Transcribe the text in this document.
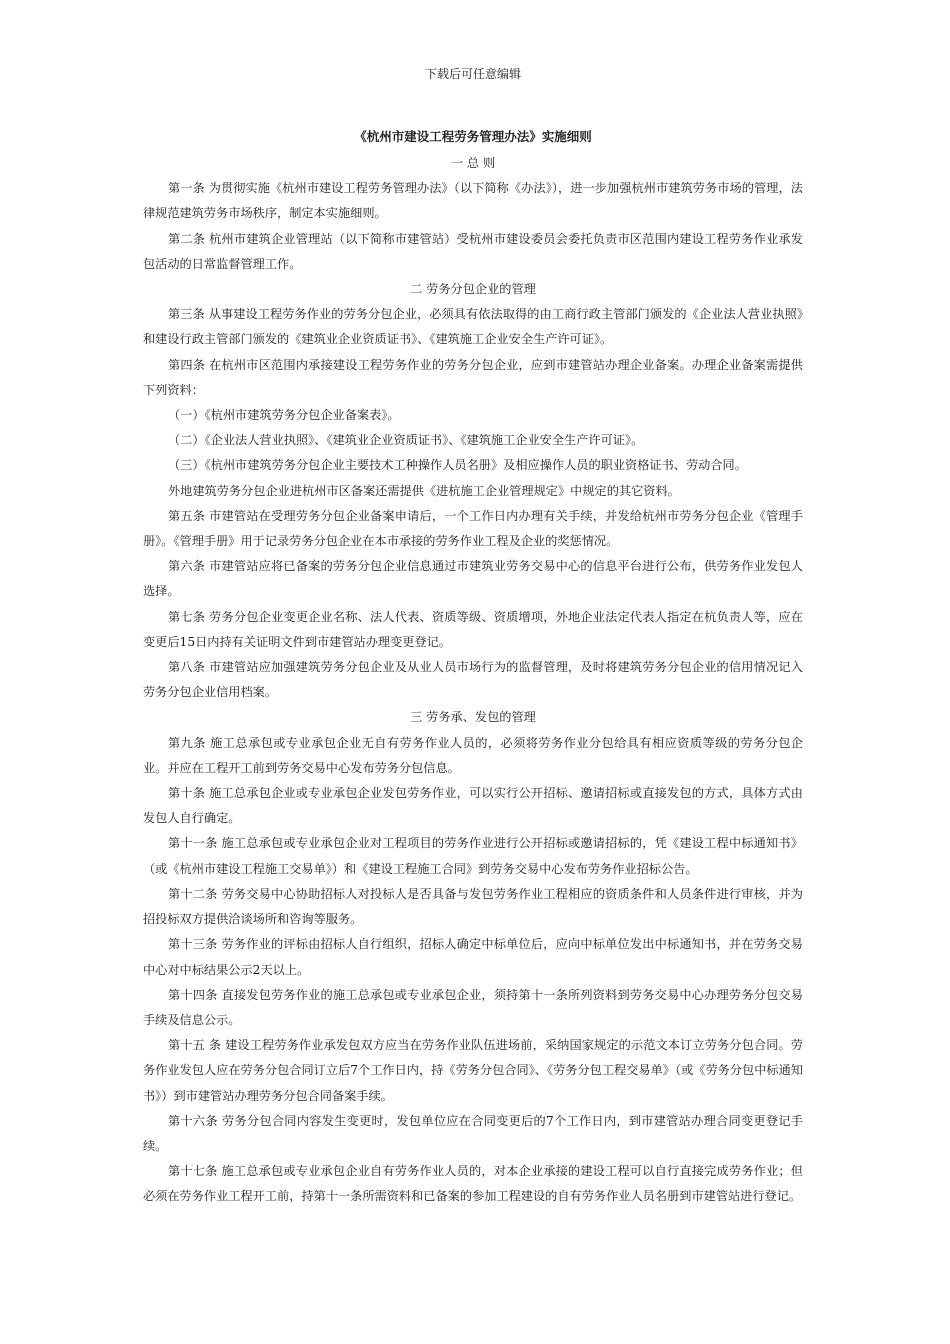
下载后可任意编辑
《杭州市建设工程劳务管理办法》实施细则

一 总 则

第一条 为贯彻实施《杭州市建设工程劳务管理办法》（以下简称《办法》），进一步加强杭州市建筑劳务市场的管理，法律规范建筑劳务市场秩序，制定本实施细则。

第二条 杭州市建筑企业管理站（以下简称市建管站）受杭州市建设委员会委托负责市区范围内建设工程劳务作业承发包活动的日常监督管理工作。

二 劳务分包企业的管理

第三条 从事建设工程劳务作业的劳务分包企业，必须具有依法取得的由工商行政主管部门颁发的《企业法人营业执照》和建设行政主管部门颁发的《建筑业企业资质证书》、《建筑施工企业安全生产许可证》。

第四条 在杭州市区范围内承接建设工程劳务作业的劳务分包企业，应到市建管站办理企业备案。办理企业备案需提供下列资料：

（一）《杭州市建筑劳务分包企业备案表》。

（二）《企业法人营业执照》、《建筑业企业资质证书》、《建筑施工企业安全生产许可证》。

（三）《杭州市建筑劳务分包企业主要技术工种操作人员名册》及相应操作人员的职业资格证书、劳动合同。

外地建筑劳务分包企业进杭州市区备案还需提供《进杭施工企业管理规定》中规定的其它资料。

第五条 市建管站在受理劳务分包企业备案申请后，一个工作日内办理有关手续，并发给杭州市劳务分包企业《管理手册》。《管理手册》用于记录劳务分包企业在本市承接的劳务作业工程及企业的奖惩情况。

第六条 市建管站应将已备案的劳务分包企业信息通过市建筑业劳务交易中心的信息平台进行公布，供劳务作业发包人选择。

第七条 劳务分包企业变更企业名称、法人代表、资质等级、资质增项，外地企业法定代表人指定在杭负责人等，应在变更后15日内持有关证明文件到市建管站办理变更登记。

第八条 市建管站应加强建筑劳务分包企业及从业人员市场行为的监督管理，及时将建筑劳务分包企业的信用情况记入劳务分包企业信用档案。

三 劳务承、发包的管理

第九条 施工总承包或专业承包企业无自有劳务作业人员的，必须将劳务作业分包给具有相应资质等级的劳务分包企业。并应在工程开工前到劳务交易中心发布劳务分包信息。

第十条 施工总承包企业或专业承包企业发包劳务作业，可以实行公开招标、邀请招标或直接发包的方式，具体方式由发包人自行确定。

第十一条 施工总承包或专业承包企业对工程项目的劳务作业进行公开招标或邀请招标的，凭《建设工程中标通知书》（或《杭州市建设工程施工交易单》）和《建设工程施工合同》到劳务交易中心发布劳务作业招标公告。

第十二条 劳务交易中心协助招标人对投标人是否具备与发包劳务作业工程相应的资质条件和人员条件进行审核，并为招投标双方提供洽谈场所和咨询等服务。

第十三条 劳务作业的评标由招标人自行组织，招标人确定中标单位后，应向中标单位发出中标通知书，并在劳务交易中心对中标结果公示2天以上。

第十四条 直接发包劳务作业的施工总承包或专业承包企业，须持第十一条所列资料到劳务交易中心办理劳务分包交易手续及信息公示。

第十五 条 建设工程劳务作业承发包双方应当在劳务作业队伍进场前，采纳国家规定的示范文本订立劳务分包合同。劳务作业发包人应在劳务分包合同订立后7个工作日内，持《劳务分包合同》、《劳务分包工程交易单》（或《劳务分包中标通知书》）到市建管站办理劳务分包合同备案手续。

第十六条 劳务分包合同内容发生变更时，发包单位应在合同变更后的7个工作日内，到市建管站办理合同变更登记手续。

第十七条 施工总承包或专业承包企业自有劳务作业人员的，对本企业承接的建设工程可以自行直接完成劳务作业；但必须在劳务作业工程开工前，持第十一条所需资料和已备案的参加工程建设的自有劳务作业人员名册到市建管站进行登记。
